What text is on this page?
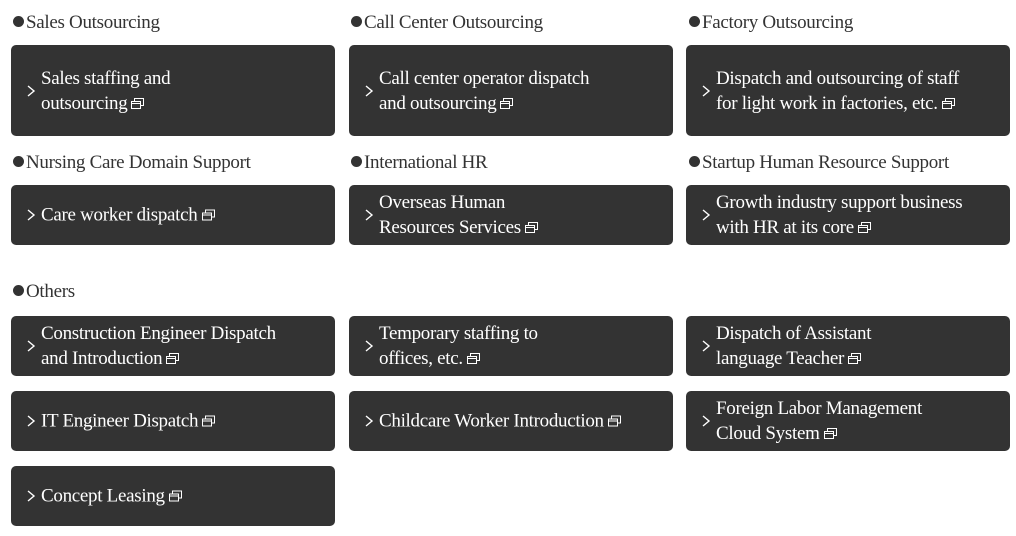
Sales Outsourcing	Call Center Outsourcing	Factory Outsourcing
Nursing Care Domain Support	International HR	Startup Human Resource Support
Others
Sales staffing and
outsourcing
Call center operator dispatch
and outsourcing
Dispatch and outsourcing of staff
for light work in factories, etc.
Care worker dispatch
Overseas Human
Resources Services
Growth industry support business
with HR at its core
Construction Engineer Dispatch
and Introduction
Temporary staffing to
offices, etc.
Dispatch of Assistant
language Teacher
IT Engineer Dispatch	Childcare Worker Introduction
Foreign Labor Management
Cloud System
Concept Leasing
